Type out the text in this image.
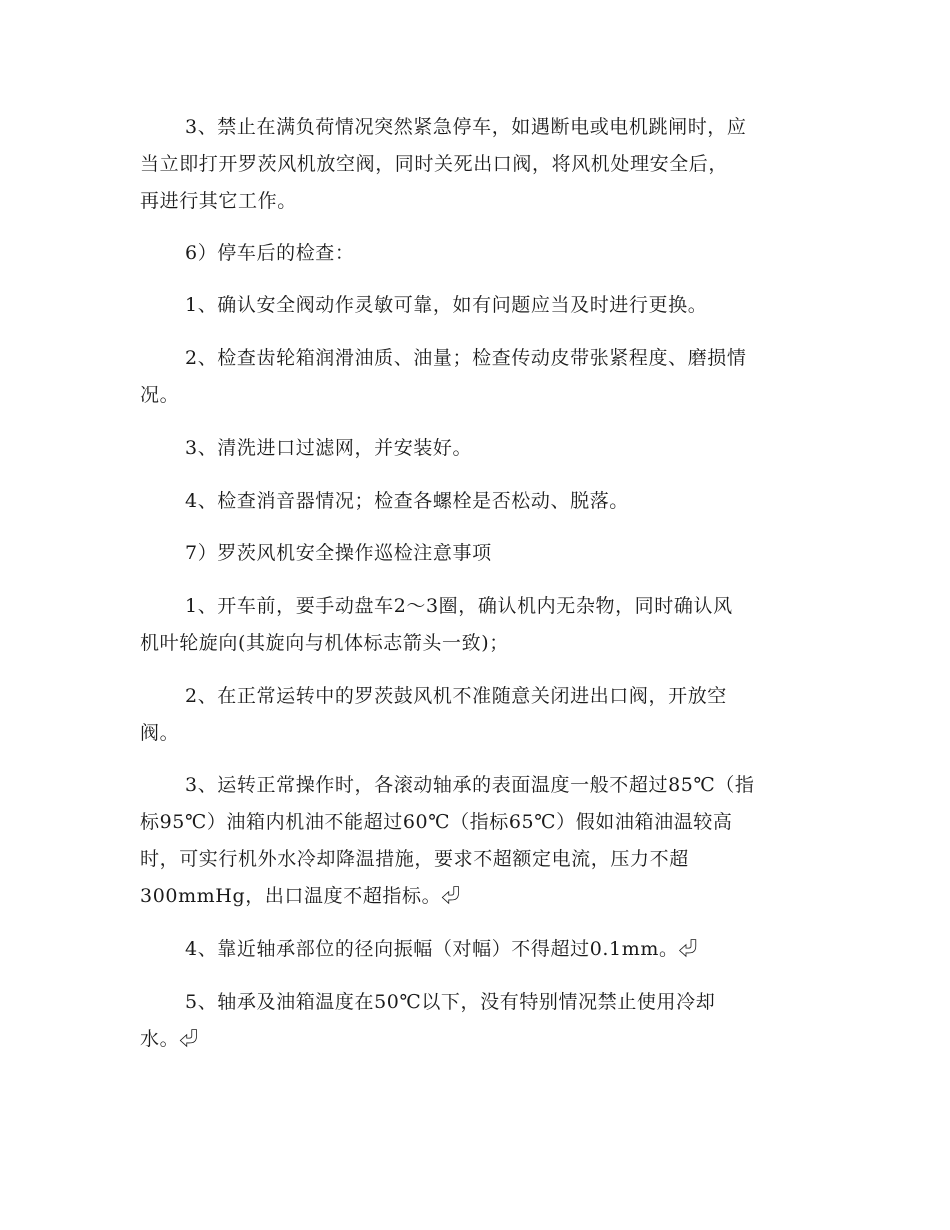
3、禁止在满负荷情况突然紧急停车，如遇断电或电机跳闸时，应
当立即打开罗茨风机放空阀，同时关死出口阀，将风机处理安全后，
再进行其它工作。
6）停车后的检查：
1、确认安全阀动作灵敏可靠，如有问题应当及时进行更换。
2、检查齿轮箱润滑油质、油量；检查传动皮带张紧程度、磨损情
况。
3、清洗进口过滤网，并安装好。
4、检查消音器情况；检查各螺栓是否松动、脱落。
7）罗茨风机安全操作巡检注意事项
1、开车前，要手动盘车2～3圈，确认机内无杂物，同时确认风
机叶轮旋向(其旋向与机体标志箭头一致)；
2、在正常运转中的罗茨鼓风机不准随意关闭进出口阀，开放空
阀。
3、运转正常操作时，各滚动轴承的表面温度一般不超过85℃（指
标95℃）油箱内机油不能超过60℃（指标65℃）假如油箱油温较高
时，可实行机外水冷却降温措施，要求不超额定电流，压力不超
300mmHg，出口温度不超指标。⏎
4、靠近轴承部位的径向振幅（对幅）不得超过0.1mm。⏎
5、轴承及油箱温度在50℃以下，没有特别情况禁止使用冷却
水。⏎
